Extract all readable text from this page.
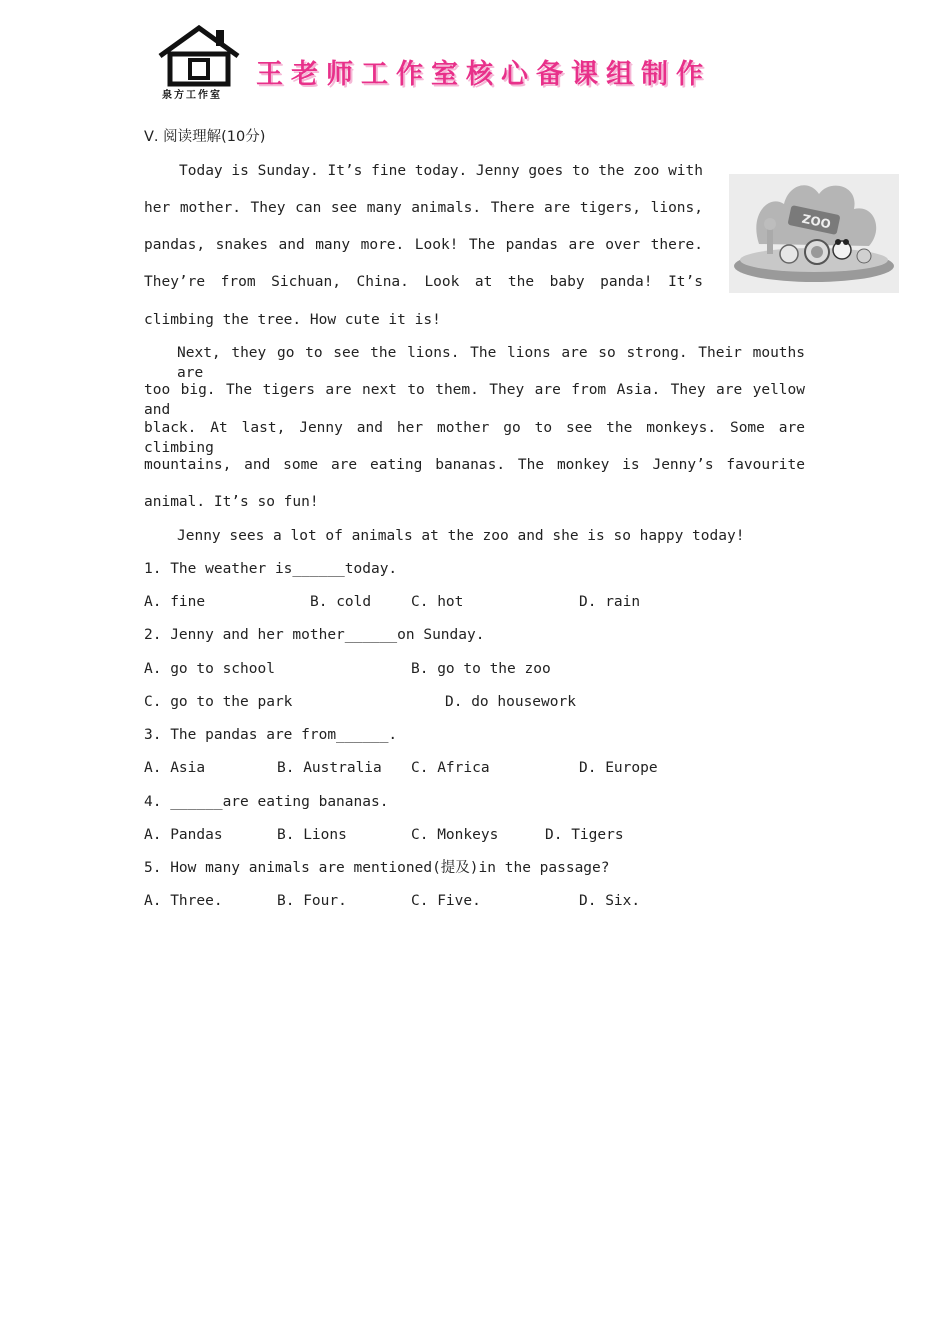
泉方工作室
王老师工作室核心备课组制作
Ⅴ. 阅读理解(10分)
ZOO
Today is Sunday. It’s fine today. Jenny goes to the zoo with
her mother. They can see many animals. There are tigers, lions,
pandas, snakes and many more. Look! The pandas are over there.
They’re from Sichuan, China. Look at the baby panda! It’s
climbing the tree. How cute it is!
Next, they go to see the lions. The lions are so strong. Their mouths are
too big. The tigers are next to them. They are from Asia. They are yellow and
black. At last, Jenny and her mother go to see the monkeys. Some are climbing
mountains, and some are eating bananas. The monkey is Jenny’s favourite
animal. It’s so fun!
Jenny sees a lot of animals at the zoo and she is so happy today!
1. The weather is______today.
A. fine	B. cold	C. hot	D. rain
2. Jenny and her mother______on Sunday.
A. go to school	B. go to the zoo
C. go to the park	D. do housework
3. The pandas are from______.
A. Asia	B. Australia C. Africa	D. Europe
4. ______are eating bananas.
A. Pandas	B. Lions	C. Monkeys	D. Tigers
5. How many animals are mentioned(提及)in the passage?
A. Three.	B. Four.	C. Five.	D. Six.
